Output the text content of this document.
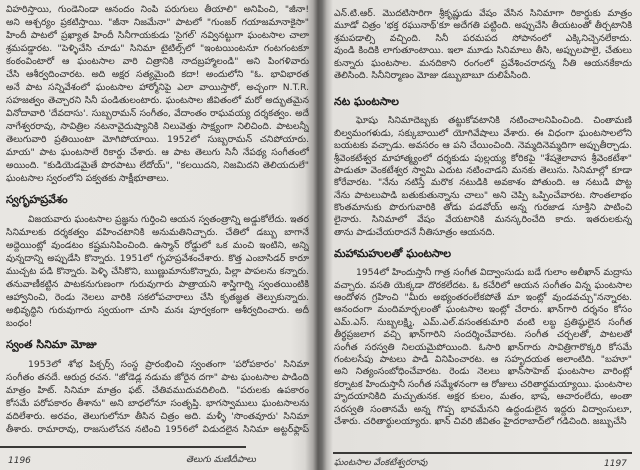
విహరిస్తాయి, గుండెనిండా ఆనందం నింపి పరుగులు తీయాలి" అనిపించి, "జీనా!
అని ఆశ్చర్యం ప్రకటిస్తాయి. "జీనా నిజమేనా" పాటలో "గుంజర్ గయాజమానాకైసా"
హిందీ పాటలో ప్రఖ్యాత హిందీ సినీగాయకుడు 'సైగల్' నవ్వినట్టుగా ఘంటసాల చాలా
శ్రమపడ్డారట. "పెళ్ళిచేసి చూడు" సినిమా టైటిల్స్‌లో "ఇంటయింటనూ గంటగంటకూ
కంఠంవింటారో ఆ ఘంటసాల వారి చిత్రానికి నాదబ్రహ్మాలండి" అని పింగళివారు
చేసి ఆశీర్వదించారట. అది అక్షర సత్యమైంది కదా! అందులోని "ఓ. భావిభారత
అనే పాట సన్నివేశంలో ఘంటసాల హార్మోనిపై ఎలా వాయిస్తారో, అచ్చంగా N.T.R.
సహజత్వం తెచ్చారని సినీ పండితులంటారు. ఘంటసాల జీవితంలో మరో అద్భుతమైన
వినోదావారి 'దేవదాసు'. సుబ్బరామన్ సంగీతం, వేదాంతం రాఘవయ్య దర్శకత్వం. అదే
నాగేశ్వరరావు, సావిత్రిల నటనావైదుష్యానికి నిలువెత్తు సాక్ష్యంగా నిలిచింది. పాటలన్నీ
తెలుగువారి ప్రతియింటా మోగిపోయాయి. 1952లో సుబ్బరామన్ చనిపోయారు.
మాయ" పాట ఘంటసాలే రికార్డు చేశారు. ఆ పాట తెలుగు సినీ నేపథ్య సంగీతంలో
అయింది. "కుడియెడమైతే పొరపాటు లేదోయ్", "కలయిదని, నిజమిదని తెలియదులే"
ఘంటసాల స్వరంలోని పక్వతకు సాక్షీభూతాలు.
స్వగృహప్రవేశం
విజయవారు ఘంటసాల ప్రజ్ఞను గుర్తించి ఆయన స్వతంత్రాన్ని అడ్డుకోలేదు. ఇతర
సినిమాలకు దర్శకత్వం వహించటానికి అనుమతినిచ్చారు. చేతిలో డబ్బు బాగానే
అద్దెయింట్లో వుండటం కష్టమనిపించింది. ఉస్మాన్ రోడ్డులో ఒక మంచి ఇంటిని, అన్ని
వున్నదాన్ని అప్పుడేసి కొన్నారు. 1951లో గృహప్రవేశంచేశారు. కొత్త ఎంబాసిడర్ కారూ
ముచ్చట పడి కొన్నారు. పెళ్ళి చేసికొని, ఋణ్ణుమానుకొన్నారు, పిల్లా పాపలను కన్నారు.
తనువాణీకట్టిన పాటకనుగుణంగా గురువుగారు పాత్రాయని శాస్త్రిగార్ని స్వంతయింటికి
ఆహ్వానించి, రెండు నెలలు వారికి సకలోపచారాలు చేసి కృతజ్ఞత తెల్పుకున్నారు.
అభివృద్ధిని గురువుగారు స్వయంగా చూసి మనః పూర్వకంగా ఆశీర్వదించారు. అదీ
బంధం!
స్వంత సినిమా మోజు
1953లో శోభ పిక్చర్స్ సంస్థ ప్రారంభించి స్వంతంగా 'పరోపకారం' సినిమా
సంగీతం తనదే. ఆరుద్ర రచన. "జోడెడ్ల నడుమ జోరైన దగా" పాట ఘంటసాల పాడింది
మాత్రం హిట్. సినిమా మాత్రం ఫట్. చేతివముదువదిలింది. "పరులకు ఉపకారం
కోసమే పరోపకారం తీశాను" అని బాధలోనూ సంతృప్తి. భాగస్వాములు ఘంటసాలను
వదిలేశారు. అరవం, తెలుగులోనూ తీసిన చిత్రం అది. మళ్ళీ 'సొంతవూరు' సినిమా
తీశారు. రామారావు, రాజసులోచన నటించి 1956లో విడుదలైన సినిమా అట్టర్‌ఫ్లాప్
ఎన్.టి.ఆర్. మొదటిసారిగా శ్రీకృష్ణుడు వేషం వేసిన సినిమాగా రికార్డుకు మాత్రం
మూడో చిత్రం 'భక్త రఘునాథ్'కూ అదేగతి పట్టింది. అప్పుచేసి తీయటంతో తీర్చటానికి
శ్రమపడాల్సి వచ్చింది. సినీ పరమపద సోపానంలో ఎక్కినిచ్చెనలేకాదు.
వుండి కిందికి లాగుతూంటాయి. ఇలా మూడు సినిమాలు తీసి, అప్పులపాలై, చేతులు
కున్నారు ఘంటసాల. మనదికాని రంగంలో ప్రవేశించరాదన్న నీతి ఆయనకేకాదు
తెలిసింది. సినీనిర్మాణం మోజు డబ్బుబాబూ దులిపేసింది.
నట ఘంటసాల
ఘోషు సినిమాదెబ్బకు తట్టుకోవటానికి నటించాలనిపించింది. చింతామణి
బిల్వమంగళుడు, సక్కుబాయిలో యోగివేషాలు వేశారు. ఈ విధంగా ఘంటసాలలోని
బయటకు వచ్చాడు. అవసరం ఆ పని చేయించింది. నెమ్మదినెమ్మదిగా అప్పుతీర్చాడు.
శ్రీవెంకటేశ్వర మాహాత్మ్యంలో దర్శకుడు పుల్లయ్య కోరికపై "శేషశైలావాస శ్రీవెంకటేశా"
పాడుతూ వెంకటేశ్వర స్వామి ఎదుట నటించాడని మనకు తెలుసు. సినిమాల్లో కూడా
కోరేవారట. "నేను నటిస్తే మరొక నటుడికి అవకాశం పోతుంది. ఆ నటుడి పొట్ట
నేను పాటలుపాడి బతుకుతున్నాను చాలు" అని చెప్పి ఒప్పించేవారట. సొంతలాభం
కొంతమానుకు పొరుగువారికి తోడు పడవోయ్ అన్న గురజాడ సూక్తిని పాటించి
లైనారు. సినిమాలో వేషం వేయటానికి మనస్కరించేది కాదు. ఇతరులకున్న
తాను పాడుచేయరాదనే నీతిసూత్రం ఆయనది.
మహామహులతో ఘంటసాల
1954లో హిందుస్తానీ గాత్ర సంగీత విద్వాంసుడు బడే గులాం అలీఖాన్ మద్రాసు
వచ్చారు. వసతి యెక్కడా దొరకలేదట. ఓ కచేరిలో ఆయన సంగీతం విన్న ఘంటసాల
ఆందోళన గ్రహించి "మీరు అభ్యంతరంలేకపోతే మా ఇంట్లో వుండవచ్చు"నన్నారట.
ఆనందంగా మందిమార్బలంతో ఘంటసాల ఇంట్లో చేరారు. ఖాన్‌గారి దర్శనం కోసం
ఎమ్.ఎస్. సుబ్బలక్ష్మి, ఎమ్.ఎల్.వసంతకుమారి వంటి లబ్ధ ప్రతిష్ఠులైన సంగీత
తీర్థప్రజలాగ వచ్చి ఖాన్‌గారిని సందర్శించేవారట. సంగీత చర్చలతో, పాటలతో
సంగీత సరస్వతి నిలయమైపోయింది. ఓసారి ఖాన్‌గారు సావిత్రిగారొక్కరి కోసమే
గంటలసేపు పాటలు పాడి వినిపించారట. ఆ సహృదయత అలాంటిది. "బహూ"
అని నిత్యంసంబోధించేవారట. రెండు నెలలు ఖాన్‌సాహెబ్ ఘంటసాల వారింట్లో
కర్నాటక హిందుస్తానీ సంగీత సమ్మేళనంగా ఆ రోజులు చరితార్థమయ్యాయి. ఘంటసాల
హృదయానికిది మచ్చుతునక. అక్షర కులం, మతం, భాష, ఆచారంలేదు, అంతా
సరస్వతి సంతానమే అన్న గొప్ప భావమేనని ఉద్దండులైన ఇద్దరు విద్వాంసులూ,
చేశారు. చరితార్థులయ్యారు. ఖాన్ చివరి జీవితం హైదరాబాద్‌లో గడిచింది. జబ్బుచేసి
1196	తెలుగు మణిదీపాలు	ఘంటసాల వేంకటేశ్వరరావు	1197
